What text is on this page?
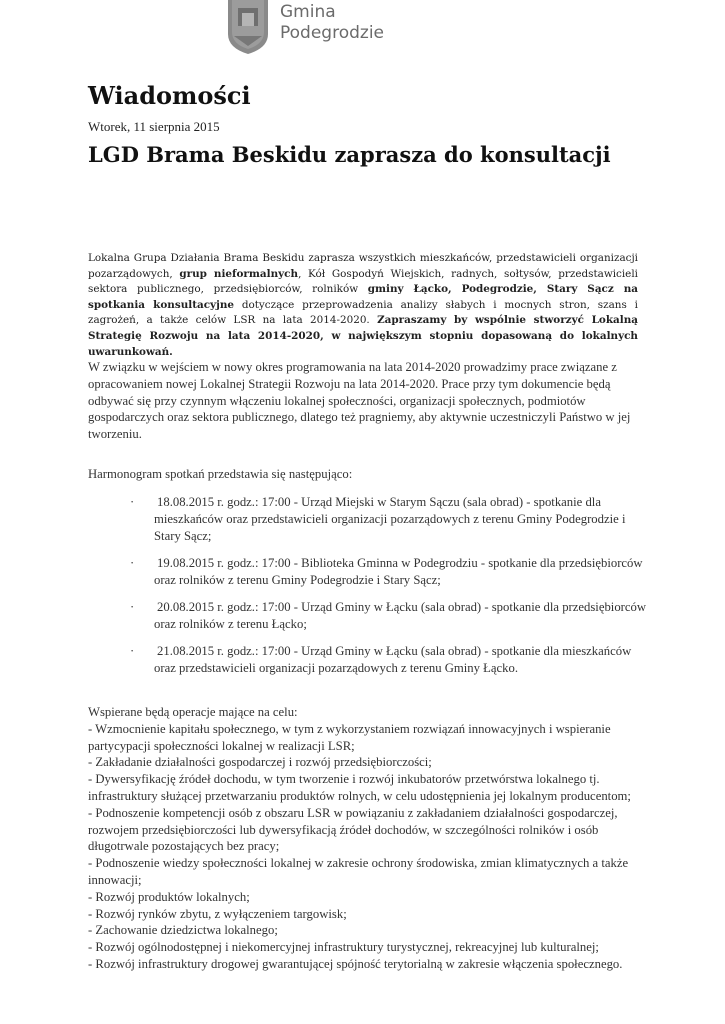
Gmina
Podegrodzie
Wiadomości
Wtorek, 11 sierpnia 2015
LGD Brama Beskidu zaprasza do konsultacji
Lokalna Grupa Działania Brama Beskidu zaprasza wszystkich mieszkańców, przedstawicieli organizacji pozarządowych, grup nieformalnych, Kół Gospodyń Wiejskich, radnych, sołtysów, przedstawicieli sektora publicznego, przedsiębiorców, rolników gminy Łącko, Podegrodzie, Stary Sącz na spotkania konsultacyjne dotyczące przeprowadzenia analizy słabych i mocnych stron, szans i zagrożeń, a także celów LSR na lata 2014-2020. Zapraszamy by wspólnie stworzyć Lokalną Strategię Rozwoju na lata 2014-2020, w największym stopniu dopasowaną do lokalnych uwarunkowań.
W związku w wejściem w nowy okres programowania na lata 2014-2020 prowadzimy prace związane z opracowaniem nowej Lokalnej Strategii Rozwoju na lata 2014-2020. Prace przy tym dokumencie będą odbywać się przy czynnym włączeniu lokalnej społeczności, organizacji społecznych, podmiotów gospodarczych oraz sektora publicznego, dlatego też pragniemy, aby aktywnie uczestniczyli Państwo w jej tworzeniu.
Harmonogram spotkań przedstawia się następująco:
·	18.08.2015 r. godz.: 17:00 - Urząd Miejski w Starym Sączu (sala obrad) - spotkanie dla mieszkańców oraz przedstawicieli organizacji pozarządowych z terenu Gminy Podegrodzie i Stary Sącz;
·	19.08.2015 r. godz.: 17:00 - Biblioteka Gminna w Podegrodziu - spotkanie dla przedsiębiorców oraz rolników z terenu Gminy Podegrodzie i Stary Sącz;
·	20.08.2015 r. godz.: 17:00 - Urząd Gminy w Łącku (sala obrad) - spotkanie dla przedsiębiorców oraz rolników z terenu Łącko;
·	21.08.2015 r. godz.: 17:00 - Urząd Gminy w Łącku (sala obrad) - spotkanie dla mieszkańców oraz przedstawicieli organizacji pozarządowych z terenu Gminy Łącko.
Wspierane będą operacje mające na celu:
- Wzmocnienie kapitału społecznego, w tym z wykorzystaniem rozwiązań innowacyjnych i wspieranie partycypacji społeczności lokalnej w realizacji LSR;
- Zakładanie działalności gospodarczej i rozwój przedsiębiorczości;
- Dywersyfikację źródeł dochodu, w tym tworzenie i rozwój inkubatorów przetwórstwa lokalnego tj. infrastruktury służącej przetwarzaniu produktów rolnych, w celu udostępnienia jej lokalnym producentom;
- Podnoszenie kompetencji osób z obszaru LSR w powiązaniu z zakładaniem działalności gospodarczej, rozwojem przedsiębiorczości lub dywersyfikacją źródeł dochodów, w szczególności rolników i osób długotrwale pozostających bez pracy;
- Podnoszenie wiedzy społeczności lokalnej w zakresie ochrony środowiska, zmian klimatycznych a także innowacji;
- Rozwój produktów lokalnych;
- Rozwój rynków zbytu, z wyłączeniem targowisk;
- Zachowanie dziedzictwa lokalnego;
- Rozwój ogólnodostępnej i niekomercyjnej infrastruktury turystycznej, rekreacyjnej lub kulturalnej;
- Rozwój infrastruktury drogowej gwarantującej spójność terytorialną w zakresie włączenia społecznego.
